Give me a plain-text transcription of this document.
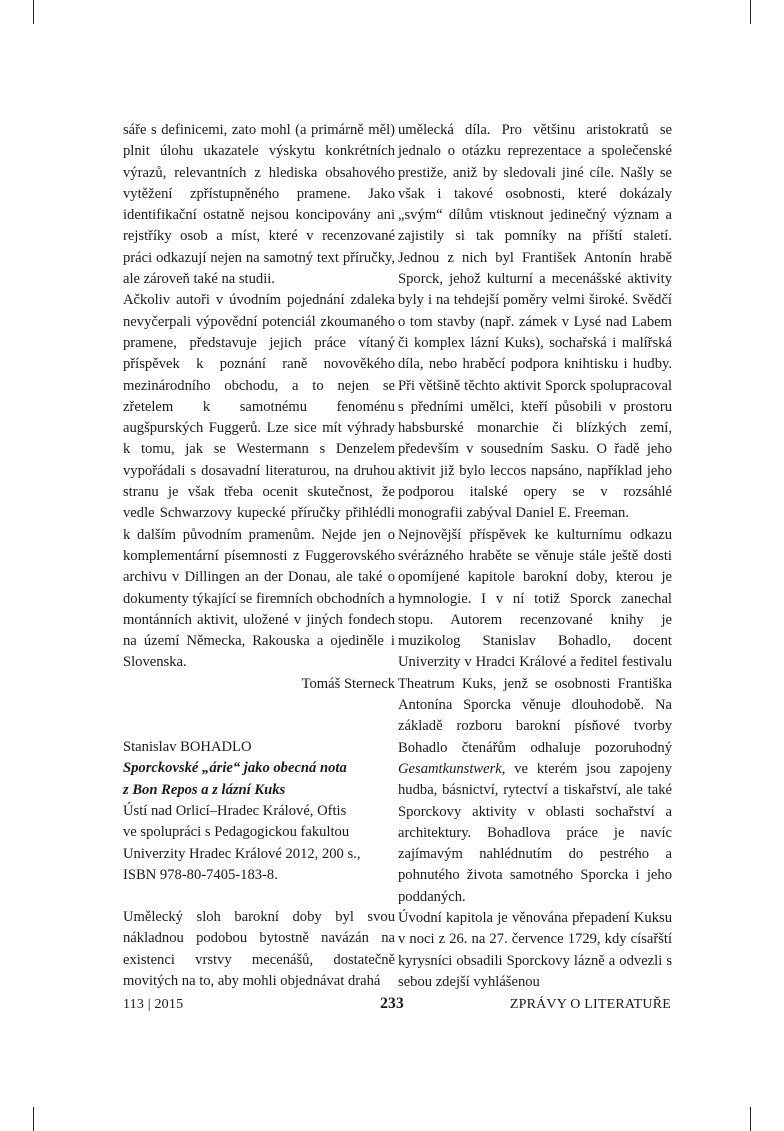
sáře s definicemi, zato mohl (a primárně měl) plnit úlohu ukazatele výskytu konkrétních výrazů, relevantních z hlediska obsahového vytěžení zpřístupněného pramene. Jako identifikační ostatně nejsou koncipovány ani rejstříky osob a míst, které v recenzované práci odkazují nejen na samotný text příručky, ale zároveň také na studii.

Ačkoliv autoři v úvodním pojednání zdaleka nevyčerpali výpovědní potenciál zkoumaného pramene, představuje jejich práce vítaný příspěvek k poznání raně novověkého mezinárodního obchodu, a to nejen se zřetelem k samotnému fenoménu augšpurských Fuggerů. Lze sice mít výhrady k tomu, jak se Westermann s Denzelem vypořádali s dosavadní literaturou, na druhou stranu je však třeba ocenit skutečnost, že vedle Schwarzovy kupecké příručky přihlédli k dalším původním pramenům. Nejde jen o komplementární písemnosti z Fuggerovského archivu v Dillingen an der Donau, ale také o dokumenty týkající se firemních obchodních a montánních aktivit, uložené v jiných fondech na území Německa, Rakouska a ojediněle i Slovenska.

Tomáš Sterneck

Stanislav BOHADLO
Sporckovské „árie“ jako obecná nota
z Bon Repos a z lázní Kuks
Ústí nad Orlicí–Hradec Králové, Oftis
ve spolupráci s Pedagogickou fakultou
Univerzity Hradec Králové 2012, 200 s.,
ISBN 978-80-7405-183-8.

Umělecký sloh barokní doby byl svou nákladnou podobou bytostně navázán na existenci vrstvy mecenášů, dostatečně movitých na to, aby mohli objednávat drahá

umělecká díla. Pro většinu aristokratů se jednalo o otázku reprezentace a společenské prestiže, aniž by sledovali jiné cíle. Našly se však i takové osobnosti, které dokázaly „svým“ dílům vtisknout jedinečný význam a zajistily si tak pomníky na příští staletí. Jednou z nich byl František Antonín hrabě Sporck, jehož kulturní a mecenášské aktivity byly i na tehdejší poměry velmi široké. Svědčí o tom stavby (např. zámek v Lysé nad Labem či komplex lázní Kuks), sochařská i malířská díla, nebo hraběcí podpora knihtisku i hudby. Při většině těchto aktivit Sporck spolupracoval s předními umělci, kteří působili v prostoru habsburské monarchie či blízkých zemí, především v sousedním Sasku. O řadě jeho aktivit již bylo leccos napsáno, například jeho podporou italské opery se v rozsáhlé monografii zabýval Daniel E. Freeman.

Nejnovější příspěvek ke kulturnímu odkazu svérázného hraběte se věnuje stále ještě dosti opomíjené kapitole barokní doby, kterou je hymnologie. I v ní totiž Sporck zanechal stopu. Autorem recenzované knihy je muzikolog Stanislav Bohadlo, docent Univerzity v Hradci Králové a ředitel festivalu Theatrum Kuks, jenž se osobnosti Františka Antonína Sporcka věnuje dlouhodobě. Na základě rozboru barokní písňové tvorby Bohadlo čtenářům odhaluje pozoruhodný Gesamtkunstwerk, ve kterém jsou zapojeny hudba, básnictví, rytectví a tiskařství, ale také Sporckovy aktivity v oblasti sochařství a architektury. Bohadlova práce je navíc zajímavým nahlédnutím do pestrého a pohnutého života samotného Sporcka i jeho poddaných.

Úvodní kapitola je věnována přepadení Kuksu v noci z 26. na 27. července 1729, kdy císařští kyrysníci obsadili Sporckovy lázně a odvezli s sebou zdejší vyhlášenou

113 | 2015	233	ZPRÁVY O LITERATUŘE
